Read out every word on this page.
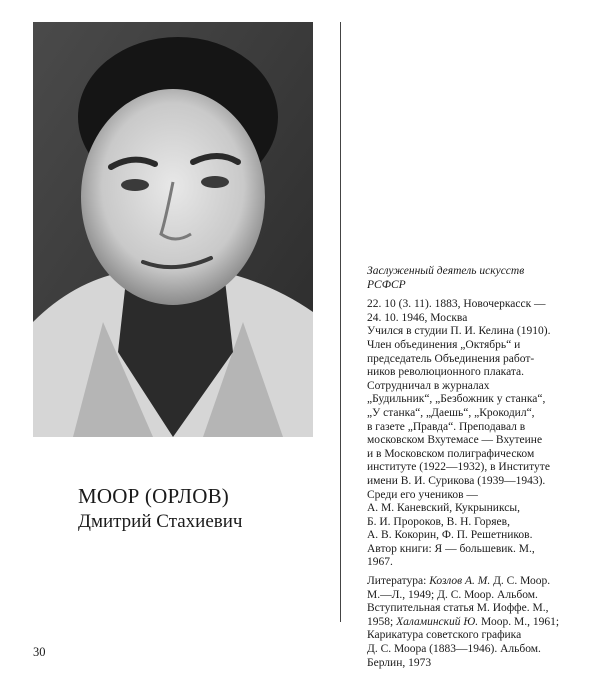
МООР (ОРЛОВ)
Дмитрий Стахиевич
Заслуженный деятель искусств
РСФСР
22. 10 (3. 11). 1883, Новочеркасск —
24. 10. 1946, Москва
Учился в студии П. И. Келина (1910).
Член объединения „Октябрь“ и
председатель Объединения работ-
ников революционного плаката.
Сотрудничал в журналах
„Будильник“, „Безбожник у станка“,
„У станка“, „Даешь“, „Крокодил“,
в газете „Правда“. Преподавал в
московском Вхутемасе — Вхутеине
и в Московском полиграфическом
институте (1922—1932), в Институте
имени В. И. Сурикова (1939—1943).
Среди его учеников —
А. М. Каневский, Кукрыниксы,
Б. И. Пророков, В. Н. Горяев,
А. В. Кокорин, Ф. П. Решетников.
Автор книги: Я — большевик. М.,
1967.
Литература: Козлов А. М. Д. С. Моор.
М.—Л., 1949; Д. С. Моор. Альбом.
Вступительная статья М. Иоффе. М.,
1958; Халаминский Ю. Моор. М., 1961;
Карикатура советского графика
Д. С. Моора (1883—1946). Альбом.
Берлин, 1973
30
